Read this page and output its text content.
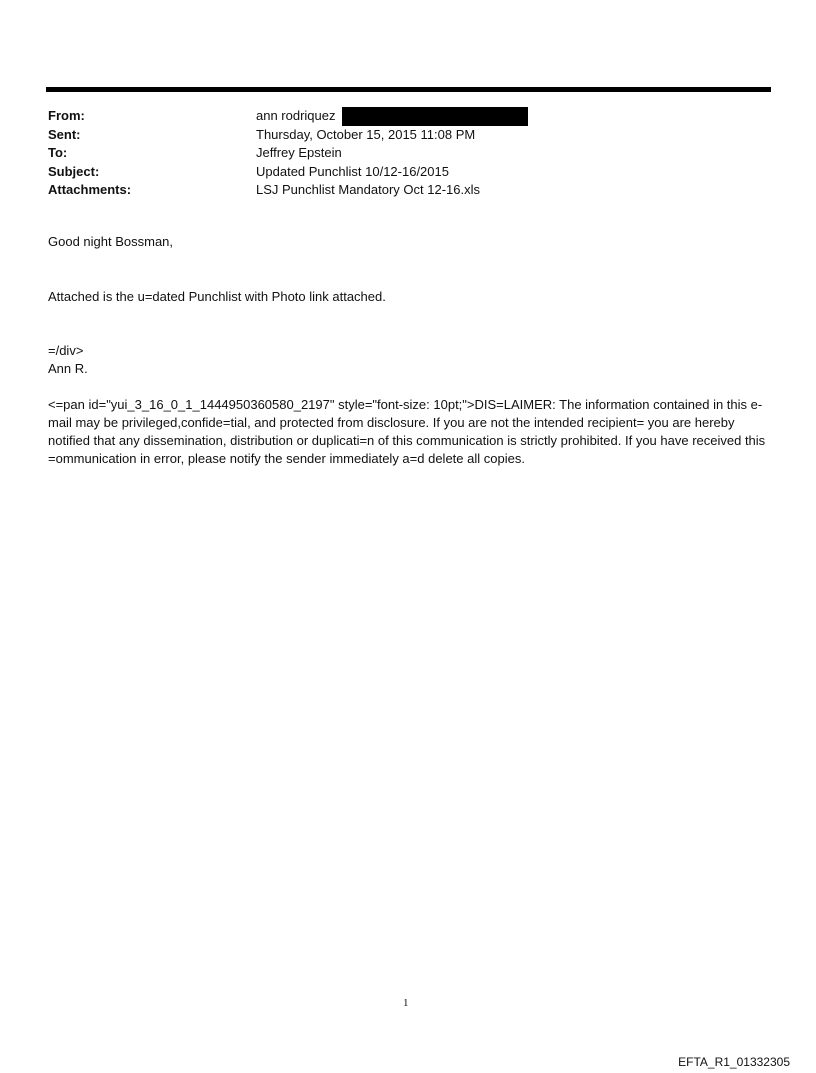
From:	ann rodriquez
Sent:	Thursday, October 15, 2015 11:08 PM
To:	Jeffrey Epstein
Subject:	Updated Punchlist 10/12-16/2015
Attachments:	LSJ Punchlist Mandatory Oct 12-16.xls

Good night Bossman,

Attached is the u=dated Punchlist with Photo link attached.

=/div>

Ann R.

<=pan id="yui_3_16_0_1_1444950360580_2197" style="font-size: 10pt;">DIS=LAIMER: The information contained in this e-mail may be privileged,confide=tial, and protected from disclosure. If you are not the intended recipient= you are hereby notified that any dissemination, distribution or duplicati=n of this communication is strictly prohibited. If you have received this =ommunication in error, please notify the sender immediately a=d delete all copies.

1
EFTA_R1_01332305
